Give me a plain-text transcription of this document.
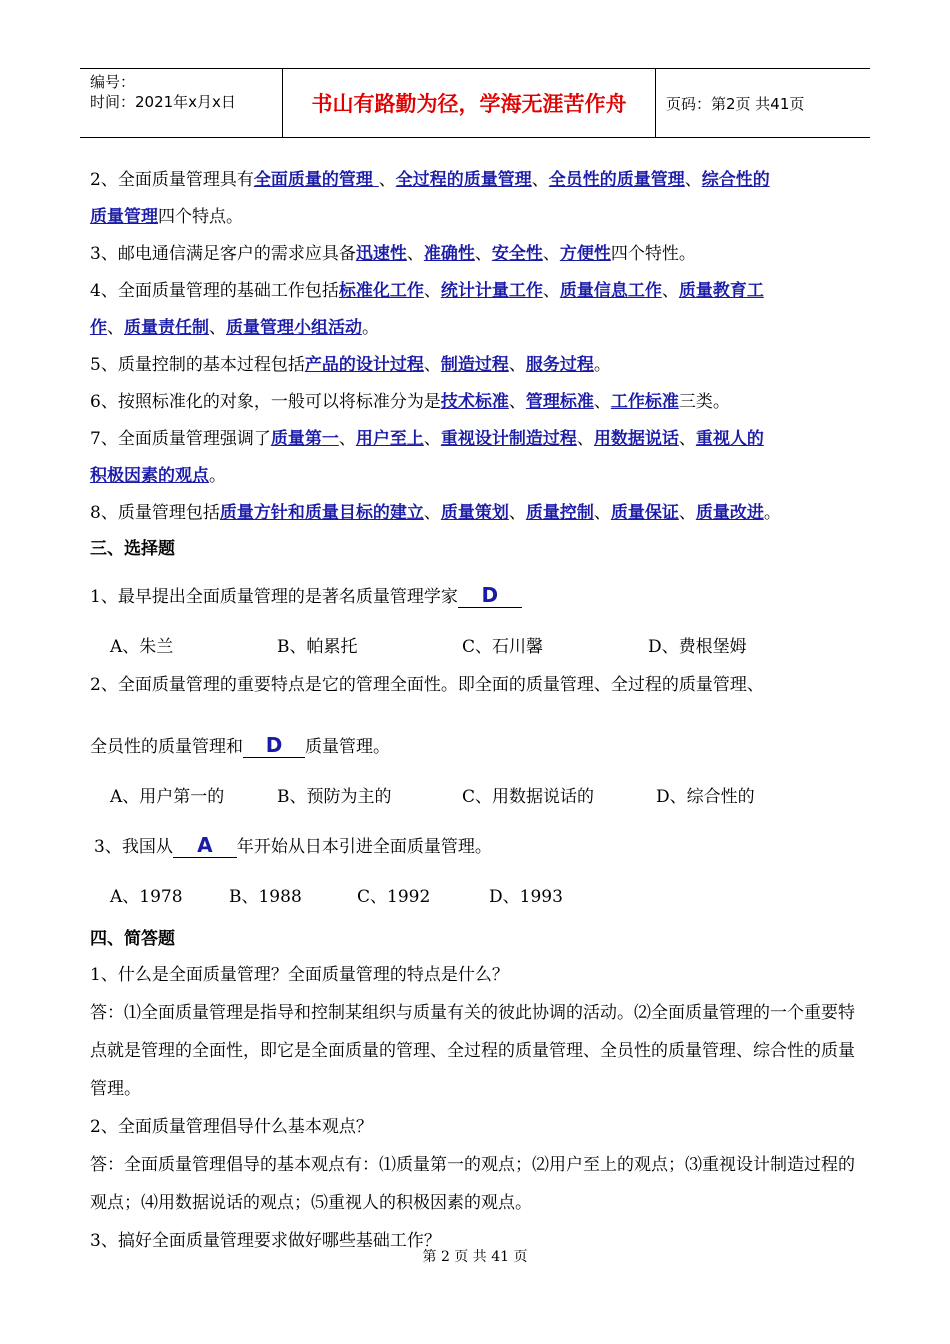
编号：
时间：2021年x月x日	书山有路勤为径，学海无涯苦作舟	页码：第2页 共41页
2、全面质量管理具有全面质量的管理 、全过程的质量管理、全员性的质量管理、综合性的
质量管理四个特点。
3、邮电通信满足客户的需求应具备迅速性、准确性、安全性、方便性四个特性。
4、全面质量管理的基础工作包括标准化工作、统计计量工作、质量信息工作、质量教育工
作、质量责任制、质量管理小组活动。
5、质量控制的基本过程包括产品的设计过程、制造过程、服务过程。
6、按照标准化的对象，一般可以将标准分为是技术标准、管理标准、工作标准三类。
7、全面质量管理强调了质量第一、用户至上、重视设计制造过程、用数据说话、重视人的
积极因素的观点。
8、质量管理包括质量方针和质量目标的建立、质量策划、质量控制、质量保证、质量改进。
三、选择题
1、最早提出全面质量管理的是著名质量管理学家 D
A、朱兰	B、帕累托	C、石川馨	D、费根堡姆
2、全面质量管理的重要特点是它的管理全面性。即全面的质量管理、全过程的质量管理、
全员性的质量管理和 D 质量管理。
A、用户第一的	B、预防为主的	C、用数据说话的	D、综合性的
3、我国从 A 年开始从日本引进全面质量管理。
A、1978	B、1988	C、1992	D、1993
四、简答题
1、什么是全面质量管理？全面质量管理的特点是什么？
答：⑴全面质量管理是指导和控制某组织与质量有关的彼此协调的活动。⑵全面质量管理的一个重要特点就是管理的全面性，即它是全面质量的管理、全过程的质量管理、全员性的质量管理、综合性的质量管理。
2、全面质量管理倡导什么基本观点？
答：全面质量管理倡导的基本观点有：⑴质量第一的观点；⑵用户至上的观点；⑶重视设计制造过程的观点；⑷用数据说话的观点；⑸重视人的积极因素的观点。
3、搞好全面质量管理要求做好哪些基础工作？
第 2 页 共 41 页
